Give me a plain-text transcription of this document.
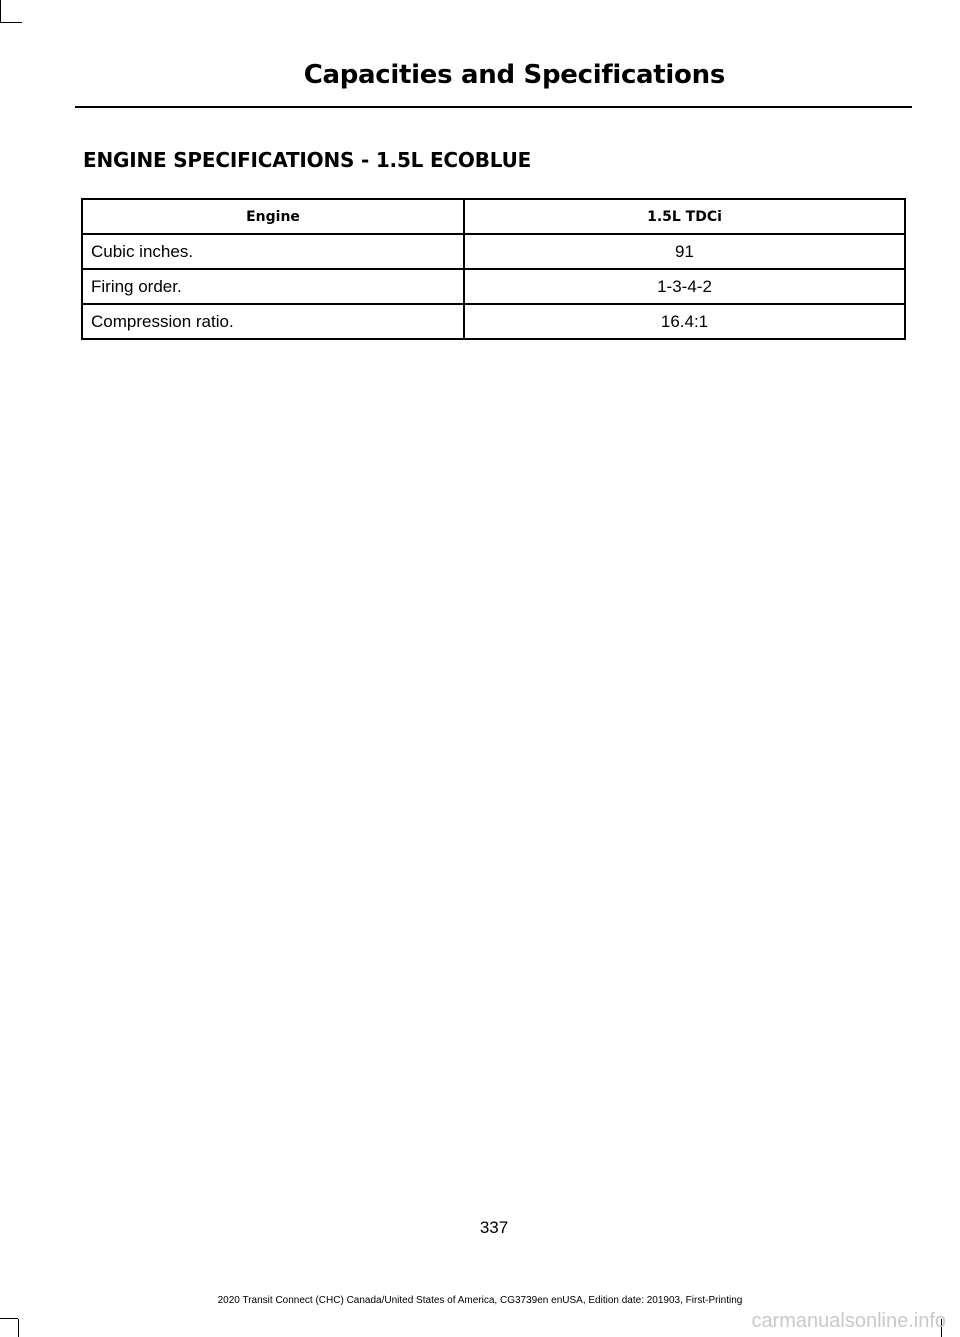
Capacities and Specifications
ENGINE SPECIFICATIONS - 1.5L ECOBLUE
Engine	1.5L TDCi
Cubic inches.	91
Firing order.	1-3-4-2
Compression ratio.	16.4:1
337
2020 Transit Connect (CHC) Canada/United States of America, CG3739en enUSA, Edition date: 201903, First-Printing
carmanualsonline.info
